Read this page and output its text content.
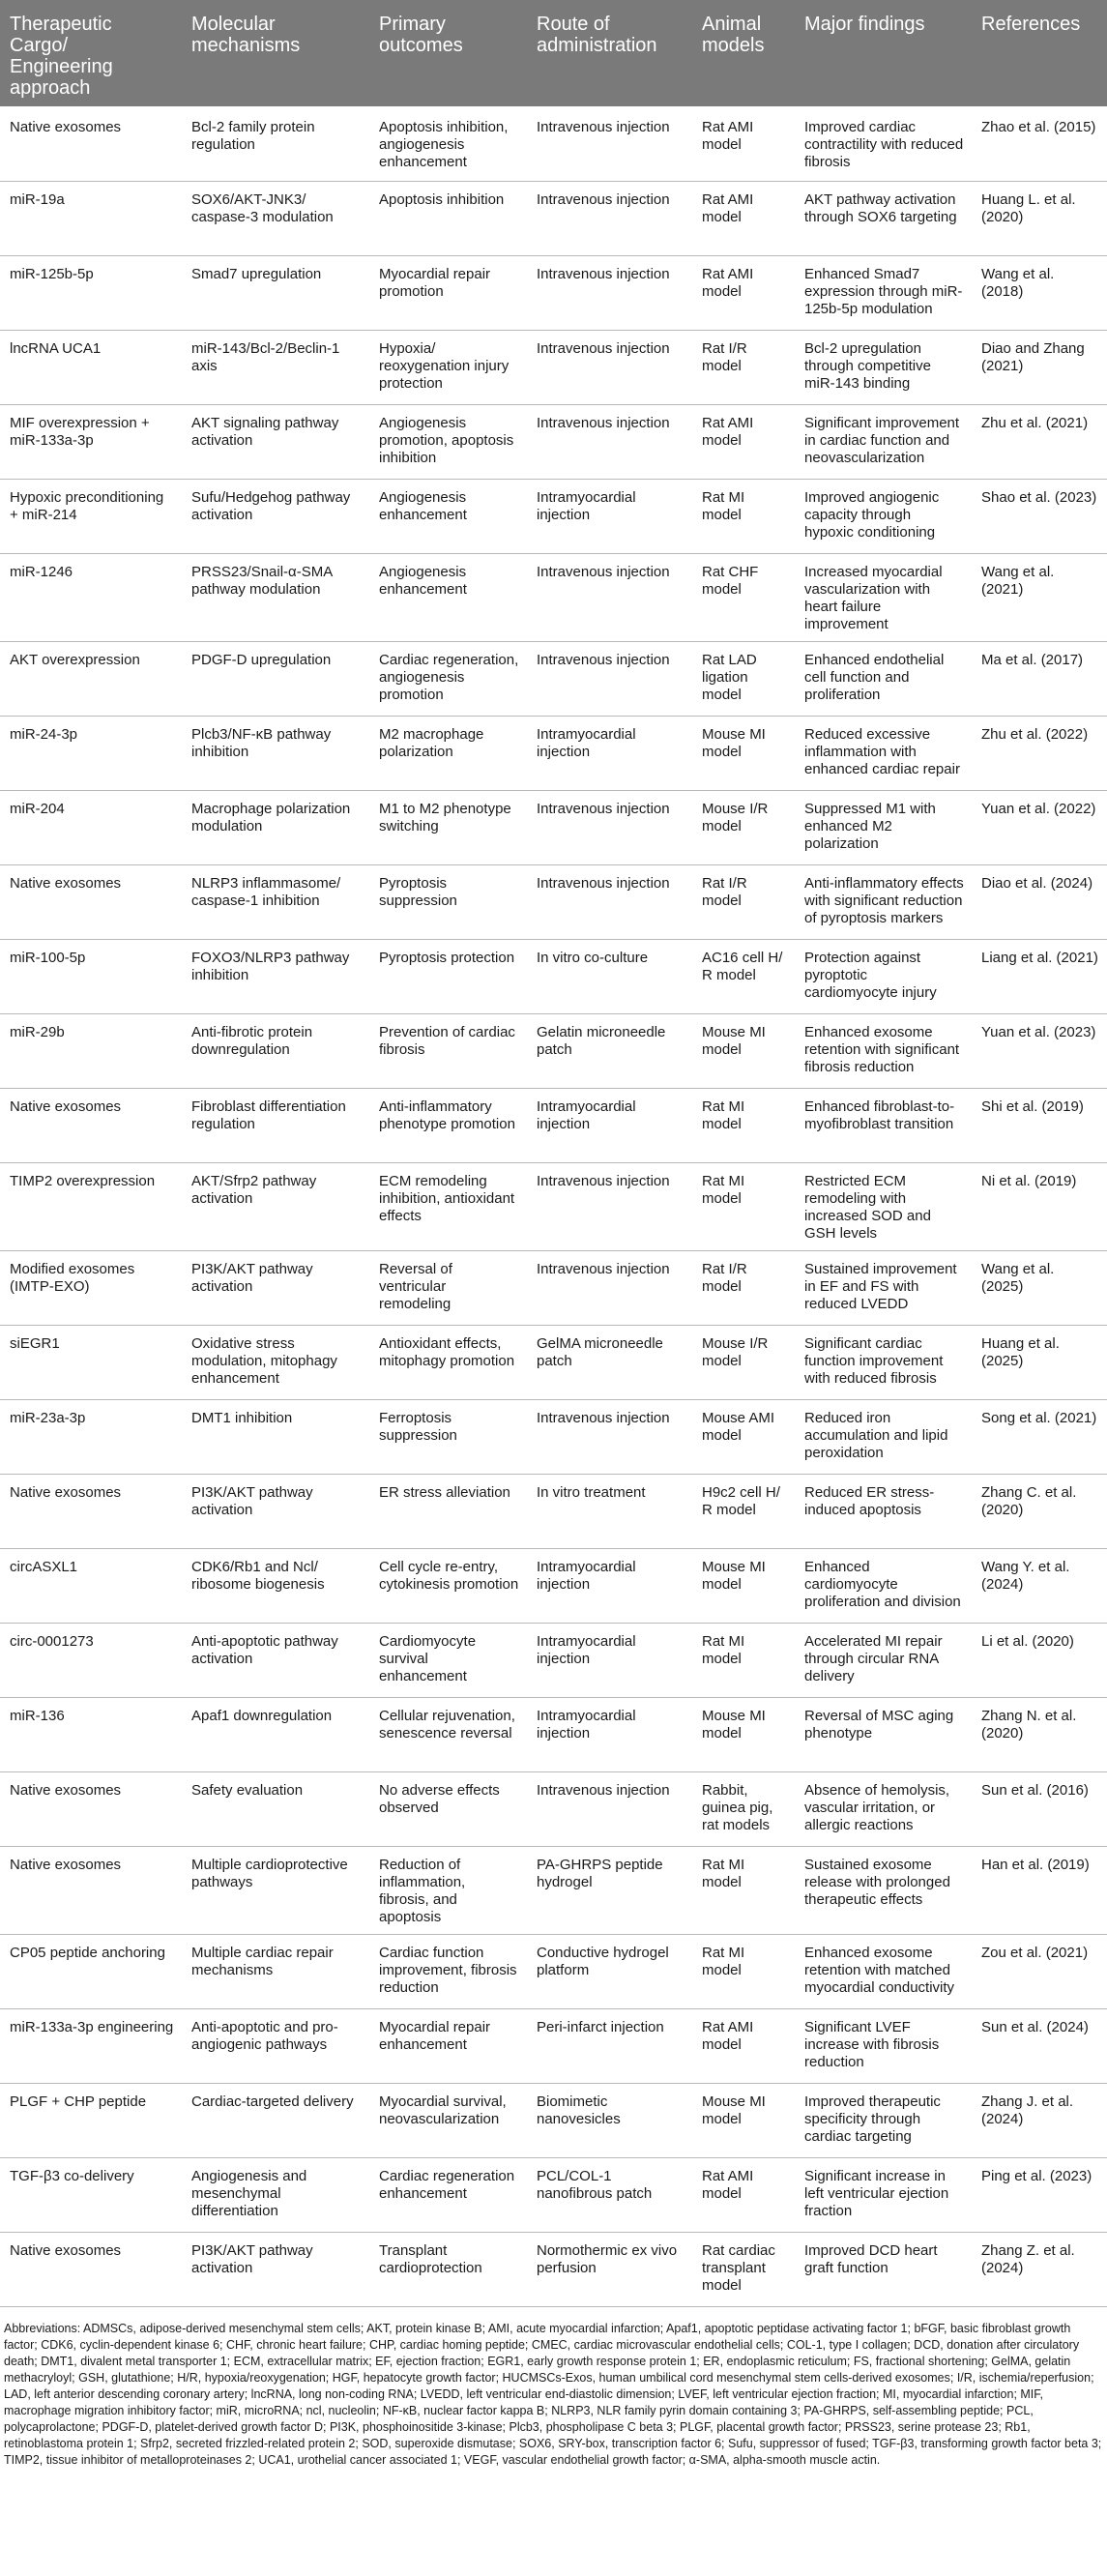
Therapeutic Cargo/ Engineering approach	Molecular mechanisms	Primary outcomes	Route of administration	Animal models	Major findings	References
Native exosomes	Bcl-2 family protein regulation	Apoptosis inhibition, angiogenesis enhancement	Intravenous injection	Rat AMI model	Improved cardiac contractility with reduced fibrosis	Zhao et al. (2015)
miR-19a	SOX6/AKT-JNK3/ caspase-3 modulation	Apoptosis inhibition	Intravenous injection	Rat AMI model	AKT pathway activation through SOX6 targeting	Huang L. et al. (2020)
miR-125b-5p	Smad7 upregulation	Myocardial repair promotion	Intravenous injection	Rat AMI model	Enhanced Smad7 expression through miR-125b-5p modulation	Wang et al. (2018)
lncRNA UCA1	miR-143/Bcl-2/Beclin-1 axis	Hypoxia/ reoxygenation injury protection	Intravenous injection	Rat I/R model	Bcl-2 upregulation through competitive miR-143 binding	Diao and Zhang (2021)
MIF overexpression + miR-133a-3p	AKT signaling pathway activation	Angiogenesis promotion, apoptosis inhibition	Intravenous injection	Rat AMI model	Significant improvement in cardiac function and neovascularization	Zhu et al. (2021)
Hypoxic preconditioning + miR-214	Sufu/Hedgehog pathway activation	Angiogenesis enhancement	Intramyocardial injection	Rat MI model	Improved angiogenic capacity through hypoxic conditioning	Shao et al. (2023)
miR-1246	PRSS23/Snail-α-SMA pathway modulation	Angiogenesis enhancement	Intravenous injection	Rat CHF model	Increased myocardial vascularization with heart failure improvement	Wang et al. (2021)
AKT overexpression	PDGF-D upregulation	Cardiac regeneration, angiogenesis promotion	Intravenous injection	Rat LAD ligation model	Enhanced endothelial cell function and proliferation	Ma et al. (2017)
miR-24-3p	Plcb3/NF-κB pathway inhibition	M2 macrophage polarization	Intramyocardial injection	Mouse MI model	Reduced excessive inflammation with enhanced cardiac repair	Zhu et al. (2022)
miR-204	Macrophage polarization modulation	M1 to M2 phenotype switching	Intravenous injection	Mouse I/R model	Suppressed M1 with enhanced M2 polarization	Yuan et al. (2022)
Native exosomes	NLRP3 inflammasome/ caspase-1 inhibition	Pyroptosis suppression	Intravenous injection	Rat I/R model	Anti-inflammatory effects with significant reduction of pyroptosis markers	Diao et al. (2024)
miR-100-5p	FOXO3/NLRP3 pathway inhibition	Pyroptosis protection	In vitro co-culture	AC16 cell H/ R model	Protection against pyroptotic cardiomyocyte injury	Liang et al. (2021)
miR-29b	Anti-fibrotic protein downregulation	Prevention of cardiac fibrosis	Gelatin microneedle patch	Mouse MI model	Enhanced exosome retention with significant fibrosis reduction	Yuan et al. (2023)
Native exosomes	Fibroblast differentiation regulation	Anti-inflammatory phenotype promotion	Intramyocardial injection	Rat MI model	Enhanced fibroblast-to-myofibroblast transition	Shi et al. (2019)
TIMP2 overexpression	AKT/Sfrp2 pathway activation	ECM remodeling inhibition, antioxidant effects	Intravenous injection	Rat MI model	Restricted ECM remodeling with increased SOD and GSH levels	Ni et al. (2019)
Modified exosomes (IMTP-EXO)	PI3K/AKT pathway activation	Reversal of ventricular remodeling	Intravenous injection	Rat I/R model	Sustained improvement in EF and FS with reduced LVEDD	Wang et al. (2025)
siEGR1	Oxidative stress modulation, mitophagy enhancement	Antioxidant effects, mitophagy promotion	GelMA microneedle patch	Mouse I/R model	Significant cardiac function improvement with reduced fibrosis	Huang et al. (2025)
miR-23a-3p	DMT1 inhibition	Ferroptosis suppression	Intravenous injection	Mouse AMI model	Reduced iron accumulation and lipid peroxidation	Song et al. (2021)
Native exosomes	PI3K/AKT pathway activation	ER stress alleviation	In vitro treatment	H9c2 cell H/ R model	Reduced ER stress-induced apoptosis	Zhang C. et al. (2020)
circASXL1	CDK6/Rb1 and Ncl/ ribosome biogenesis	Cell cycle re-entry, cytokinesis promotion	Intramyocardial injection	Mouse MI model	Enhanced cardiomyocyte proliferation and division	Wang Y. et al. (2024)
circ-0001273	Anti-apoptotic pathway activation	Cardiomyocyte survival enhancement	Intramyocardial injection	Rat MI model	Accelerated MI repair through circular RNA delivery	Li et al. (2020)
miR-136	Apaf1 downregulation	Cellular rejuvenation, senescence reversal	Intramyocardial injection	Mouse MI model	Reversal of MSC aging phenotype	Zhang N. et al. (2020)
Native exosomes	Safety evaluation	No adverse effects observed	Intravenous injection	Rabbit, guinea pig, rat models	Absence of hemolysis, vascular irritation, or allergic reactions	Sun et al. (2016)
Native exosomes	Multiple cardioprotective pathways	Reduction of inflammation, fibrosis, and apoptosis	PA-GHRPS peptide hydrogel	Rat MI model	Sustained exosome release with prolonged therapeutic effects	Han et al. (2019)
CP05 peptide anchoring	Multiple cardiac repair mechanisms	Cardiac function improvement, fibrosis reduction	Conductive hydrogel platform	Rat MI model	Enhanced exosome retention with matched myocardial conductivity	Zou et al. (2021)
miR-133a-3p engineering	Anti-apoptotic and pro-angiogenic pathways	Myocardial repair enhancement	Peri-infarct injection	Rat AMI model	Significant LVEF increase with fibrosis reduction	Sun et al. (2024)
PLGF + CHP peptide	Cardiac-targeted delivery	Myocardial survival, neovascularization	Biomimetic nanovesicles	Mouse MI model	Improved therapeutic specificity through cardiac targeting	Zhang J. et al. (2024)
TGF-β3 co-delivery	Angiogenesis and mesenchymal differentiation	Cardiac regeneration enhancement	PCL/COL-1 nanofibrous patch	Rat AMI model	Significant increase in left ventricular ejection fraction	Ping et al. (2023)
Native exosomes	PI3K/AKT pathway activation	Transplant cardioprotection	Normothermic ex vivo perfusion	Rat cardiac transplant model	Improved DCD heart graft function	Zhang Z. et al. (2024)
Abbreviations: ADMSCs, adipose-derived mesenchymal stem cells; AKT, protein kinase B; AMI, acute myocardial infarction; Apaf1, apoptotic peptidase activating factor 1; bFGF, basic fibroblast growth factor; CDK6, cyclin-dependent kinase 6; CHF, chronic heart failure; CHP, cardiac homing peptide; CMEC, cardiac microvascular endothelial cells; COL-1, type I collagen; DCD, donation after circulatory death; DMT1, divalent metal transporter 1; ECM, extracellular matrix; EF, ejection fraction; EGR1, early growth response protein 1; ER, endoplasmic reticulum; FS, fractional shortening; GelMA, gelatin methacryloyl; GSH, glutathione; H/R, hypoxia/reoxygenation; HGF, hepatocyte growth factor; HUCMSCs-Exos, human umbilical cord mesenchymal stem cells-derived exosomes; I/R, ischemia/reperfusion; LAD, left anterior descending coronary artery; lncRNA, long non-coding RNA; LVEDD, left ventricular end-diastolic dimension; LVEF, left ventricular ejection fraction; MI, myocardial infarction; MIF, macrophage migration inhibitory factor; miR, microRNA; ncl, nucleolin; NF-κB, nuclear factor kappa B; NLRP3, NLR family pyrin domain containing 3; PA-GHRPS, self-assembling peptide; PCL, polycaprolactone; PDGF-D, platelet-derived growth factor D; PI3K, phosphoinositide 3-kinase; Plcb3, phospholipase C beta 3; PLGF, placental growth factor; PRSS23, serine protease 23; Rb1, retinoblastoma protein 1; Sfrp2, secreted frizzled-related protein 2; SOD, superoxide dismutase; SOX6, SRY-box, transcription factor 6; Sufu, suppressor of fused; TGF-β3, transforming growth factor beta 3; TIMP2, tissue inhibitor of metalloproteinases 2; UCA1, urothelial cancer associated 1; VEGF, vascular endothelial growth factor; α-SMA, alpha-smooth muscle actin.
